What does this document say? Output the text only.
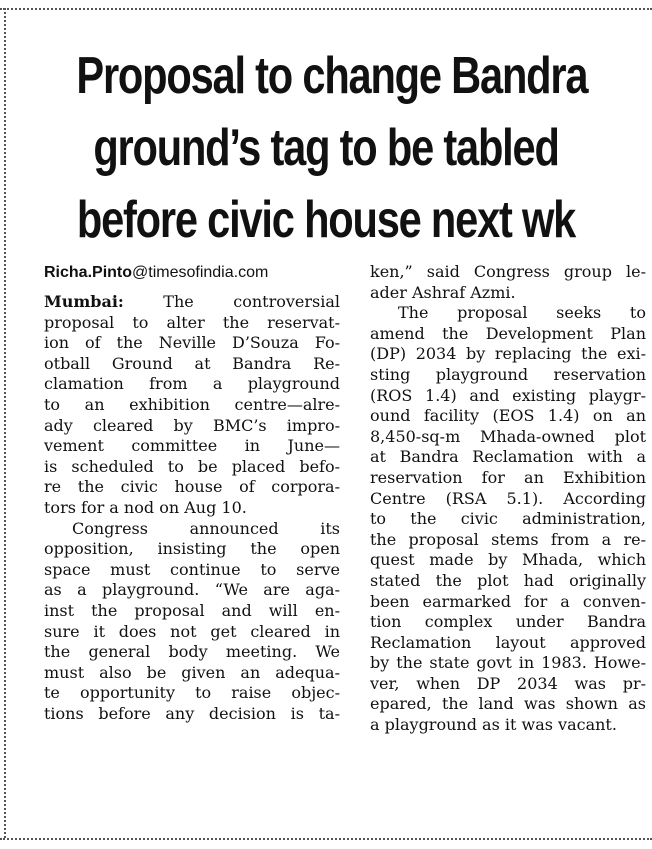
Proposal to change Bandra
ground’s tag to be tabled
before civic house next wk
Richa.Pinto@timesofindia.com
Mumbai: The controversial
proposal to alter the reservat-
ion of the Neville D’Souza Fo-
otball Ground at Bandra Re-
clamation from a playground
to an exhibition centre—alre-
ady cleared by BMC’s impro-
vement committee in June—
is scheduled to be placed befo-
re the civic house of corpora-
tors for a nod on Aug 10.
Congress announced its
opposition, insisting the open
space must continue to serve
as a playground. “We are aga-
inst the proposal and will en-
sure it does not get cleared in
the general body meeting. We
must also be given an adequa-
te opportunity to raise objec-
tions before any decision is ta-
ken,” said Congress group le-
ader Ashraf Azmi.
The proposal seeks to
amend the Development Plan
(DP) 2034 by replacing the exi-
sting playground reservation
(ROS 1.4) and existing playgr-
ound facility (EOS 1.4) on an
8,450-sq-m Mhada-owned plot
at Bandra Reclamation with a
reservation for an Exhibition
Centre (RSA 5.1). According
to the civic administration,
the proposal stems from a re-
quest made by Mhada, which
stated the plot had originally
been earmarked for a conven-
tion complex under Bandra
Reclamation layout approved
by the state govt in 1983. Howe-
ver, when DP 2034 was pr-
epared, the land was shown as
a playground as it was vacant.
